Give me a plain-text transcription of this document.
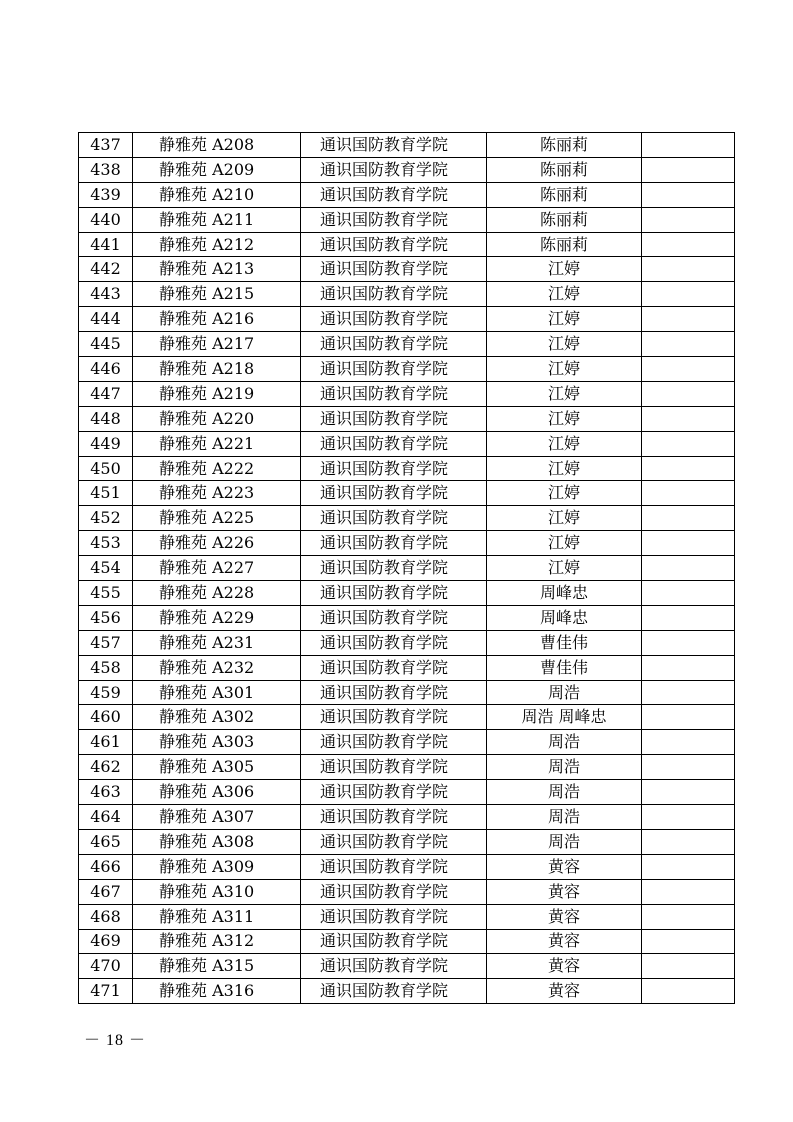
437	静雅苑 A208	通识国防教育学院	陈丽莉	
438	静雅苑 A209	通识国防教育学院	陈丽莉	
439	静雅苑 A210	通识国防教育学院	陈丽莉	
440	静雅苑 A211	通识国防教育学院	陈丽莉	
441	静雅苑 A212	通识国防教育学院	陈丽莉	
442	静雅苑 A213	通识国防教育学院	江婷	
443	静雅苑 A215	通识国防教育学院	江婷	
444	静雅苑 A216	通识国防教育学院	江婷	
445	静雅苑 A217	通识国防教育学院	江婷	
446	静雅苑 A218	通识国防教育学院	江婷	
447	静雅苑 A219	通识国防教育学院	江婷	
448	静雅苑 A220	通识国防教育学院	江婷	
449	静雅苑 A221	通识国防教育学院	江婷	
450	静雅苑 A222	通识国防教育学院	江婷	
451	静雅苑 A223	通识国防教育学院	江婷	
452	静雅苑 A225	通识国防教育学院	江婷	
453	静雅苑 A226	通识国防教育学院	江婷	
454	静雅苑 A227	通识国防教育学院	江婷	
455	静雅苑 A228	通识国防教育学院	周峰忠	
456	静雅苑 A229	通识国防教育学院	周峰忠	
457	静雅苑 A231	通识国防教育学院	曹佳伟	
458	静雅苑 A232	通识国防教育学院	曹佳伟	
459	静雅苑 A301	通识国防教育学院	周浩	
460	静雅苑 A302	通识国防教育学院	周浩 周峰忠	
461	静雅苑 A303	通识国防教育学院	周浩	
462	静雅苑 A305	通识国防教育学院	周浩	
463	静雅苑 A306	通识国防教育学院	周浩	
464	静雅苑 A307	通识国防教育学院	周浩	
465	静雅苑 A308	通识国防教育学院	周浩	
466	静雅苑 A309	通识国防教育学院	黄容	
467	静雅苑 A310	通识国防教育学院	黄容	
468	静雅苑 A311	通识国防教育学院	黄容	
469	静雅苑 A312	通识国防教育学院	黄容	
470	静雅苑 A315	通识国防教育学院	黄容	
471	静雅苑 A316	通识国防教育学院	黄容	
－ 18 －
